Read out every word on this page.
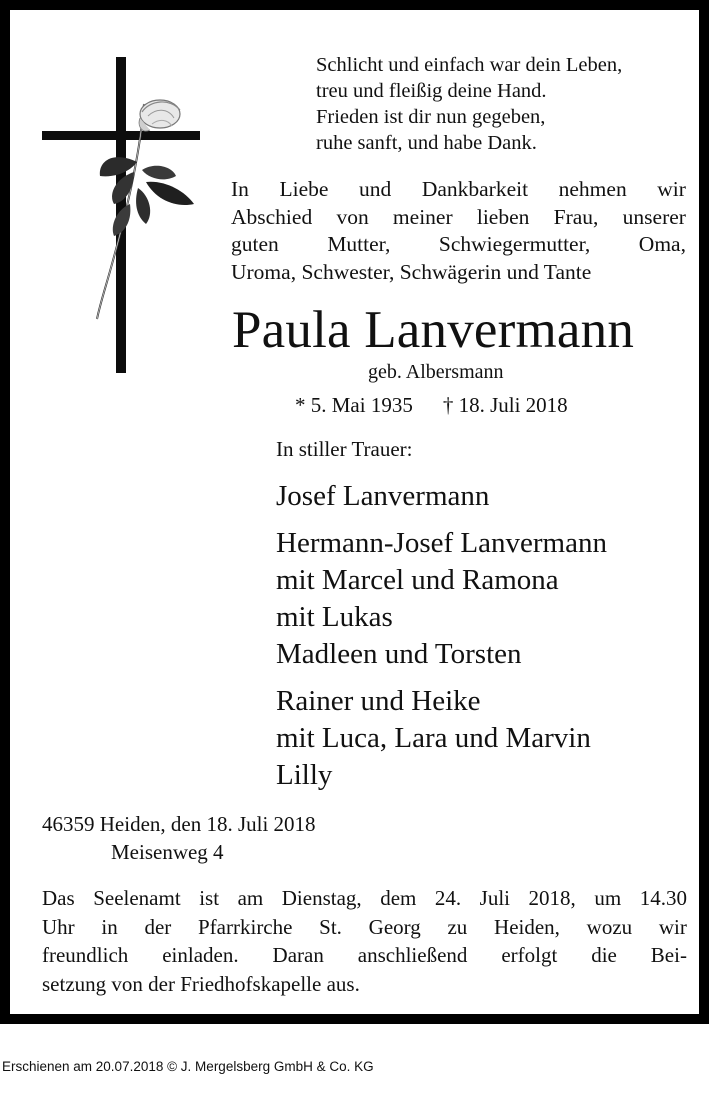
Schlicht und einfach war dein Leben,
treu und fleißig deine Hand.
Frieden ist dir nun gegeben,
ruhe sanft, und habe Dank.
In Liebe und Dankbarkeit nehmen wir
Abschied von meiner lieben Frau, unserer
guten Mutter, Schwiegermutter, Oma,
Uroma, Schwester, Schwägerin und Tante
Paula Lanvermann
geb. Albersmann
* 5. Mai 1935 † 18. Juli 2018
In stiller Trauer:
Josef Lanvermann
Hermann-Josef Lanvermann
mit Marcel und Ramona
mit Lukas
Madleen und Torsten
Rainer und Heike
mit Luca, Lara und Marvin
Lilly
46359 Heiden, den 18. Juli 2018
Meisenweg 4
Das Seelenamt ist am Dienstag, dem 24. Juli 2018, um 14.30
Uhr in der Pfarrkirche St. Georg zu Heiden, wozu wir
freundlich einladen. Daran anschließend erfolgt die Bei-
setzung von der Friedhofskapelle aus.
Erschienen am 20.07.2018 © J. Mergelsberg GmbH & Co. KG
